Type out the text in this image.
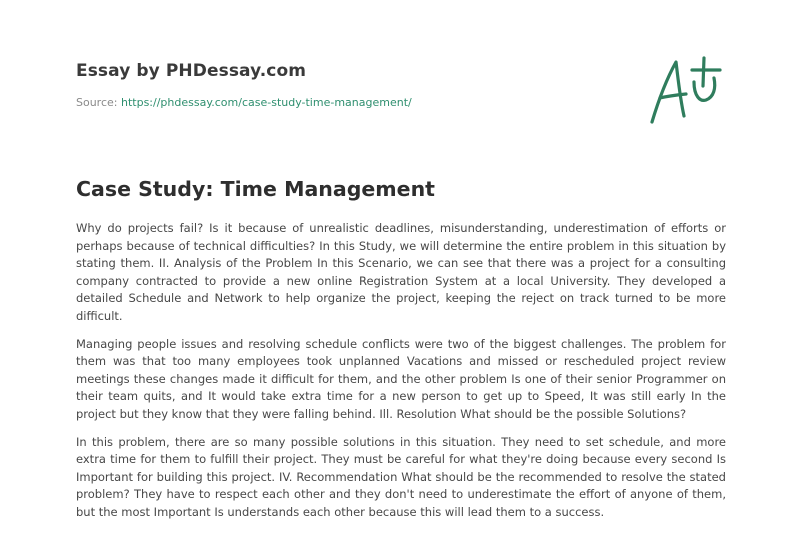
Essay by PHDessay.com

Source: https://phdessay.com/case-study-time-management/

Case Study: Time Management

Why do projects fail? Is it because of unrealistic deadlines, misunderstanding, underestimation of efforts or perhaps because of technical difficulties? In this Study, we will determine the entire problem in this situation by stating them. II. Analysis of the Problem In this Scenario, we can see that there was a project for a consulting company contracted to provide a new online Registration System at a local University. They developed a detailed Schedule and Network to help organize the project, keeping the reject on track turned to be more difficult.

Managing people issues and resolving schedule conflicts were two of the biggest challenges. The problem for them was that too many employees took unplanned Vacations and missed or rescheduled project review meetings these changes made it difficult for them, and the other problem Is one of their senior Programmer on their team quits, and It would take extra time for a new person to get up to Speed, It was still early In the project but they know that they were falling behind. Ill. Resolution What should be the possible Solutions?

In this problem, there are so many possible solutions in this situation. They need to set schedule, and more extra time for them to fulfill their project. They must be careful for what they're doing because every second Is Important for building this project. IV. Recommendation What should be the recommended to resolve the stated problem? They have to respect each other and they don't need to underestimate the effort of anyone of them, but the most Important Is understands each other because this will lead them to a success.
